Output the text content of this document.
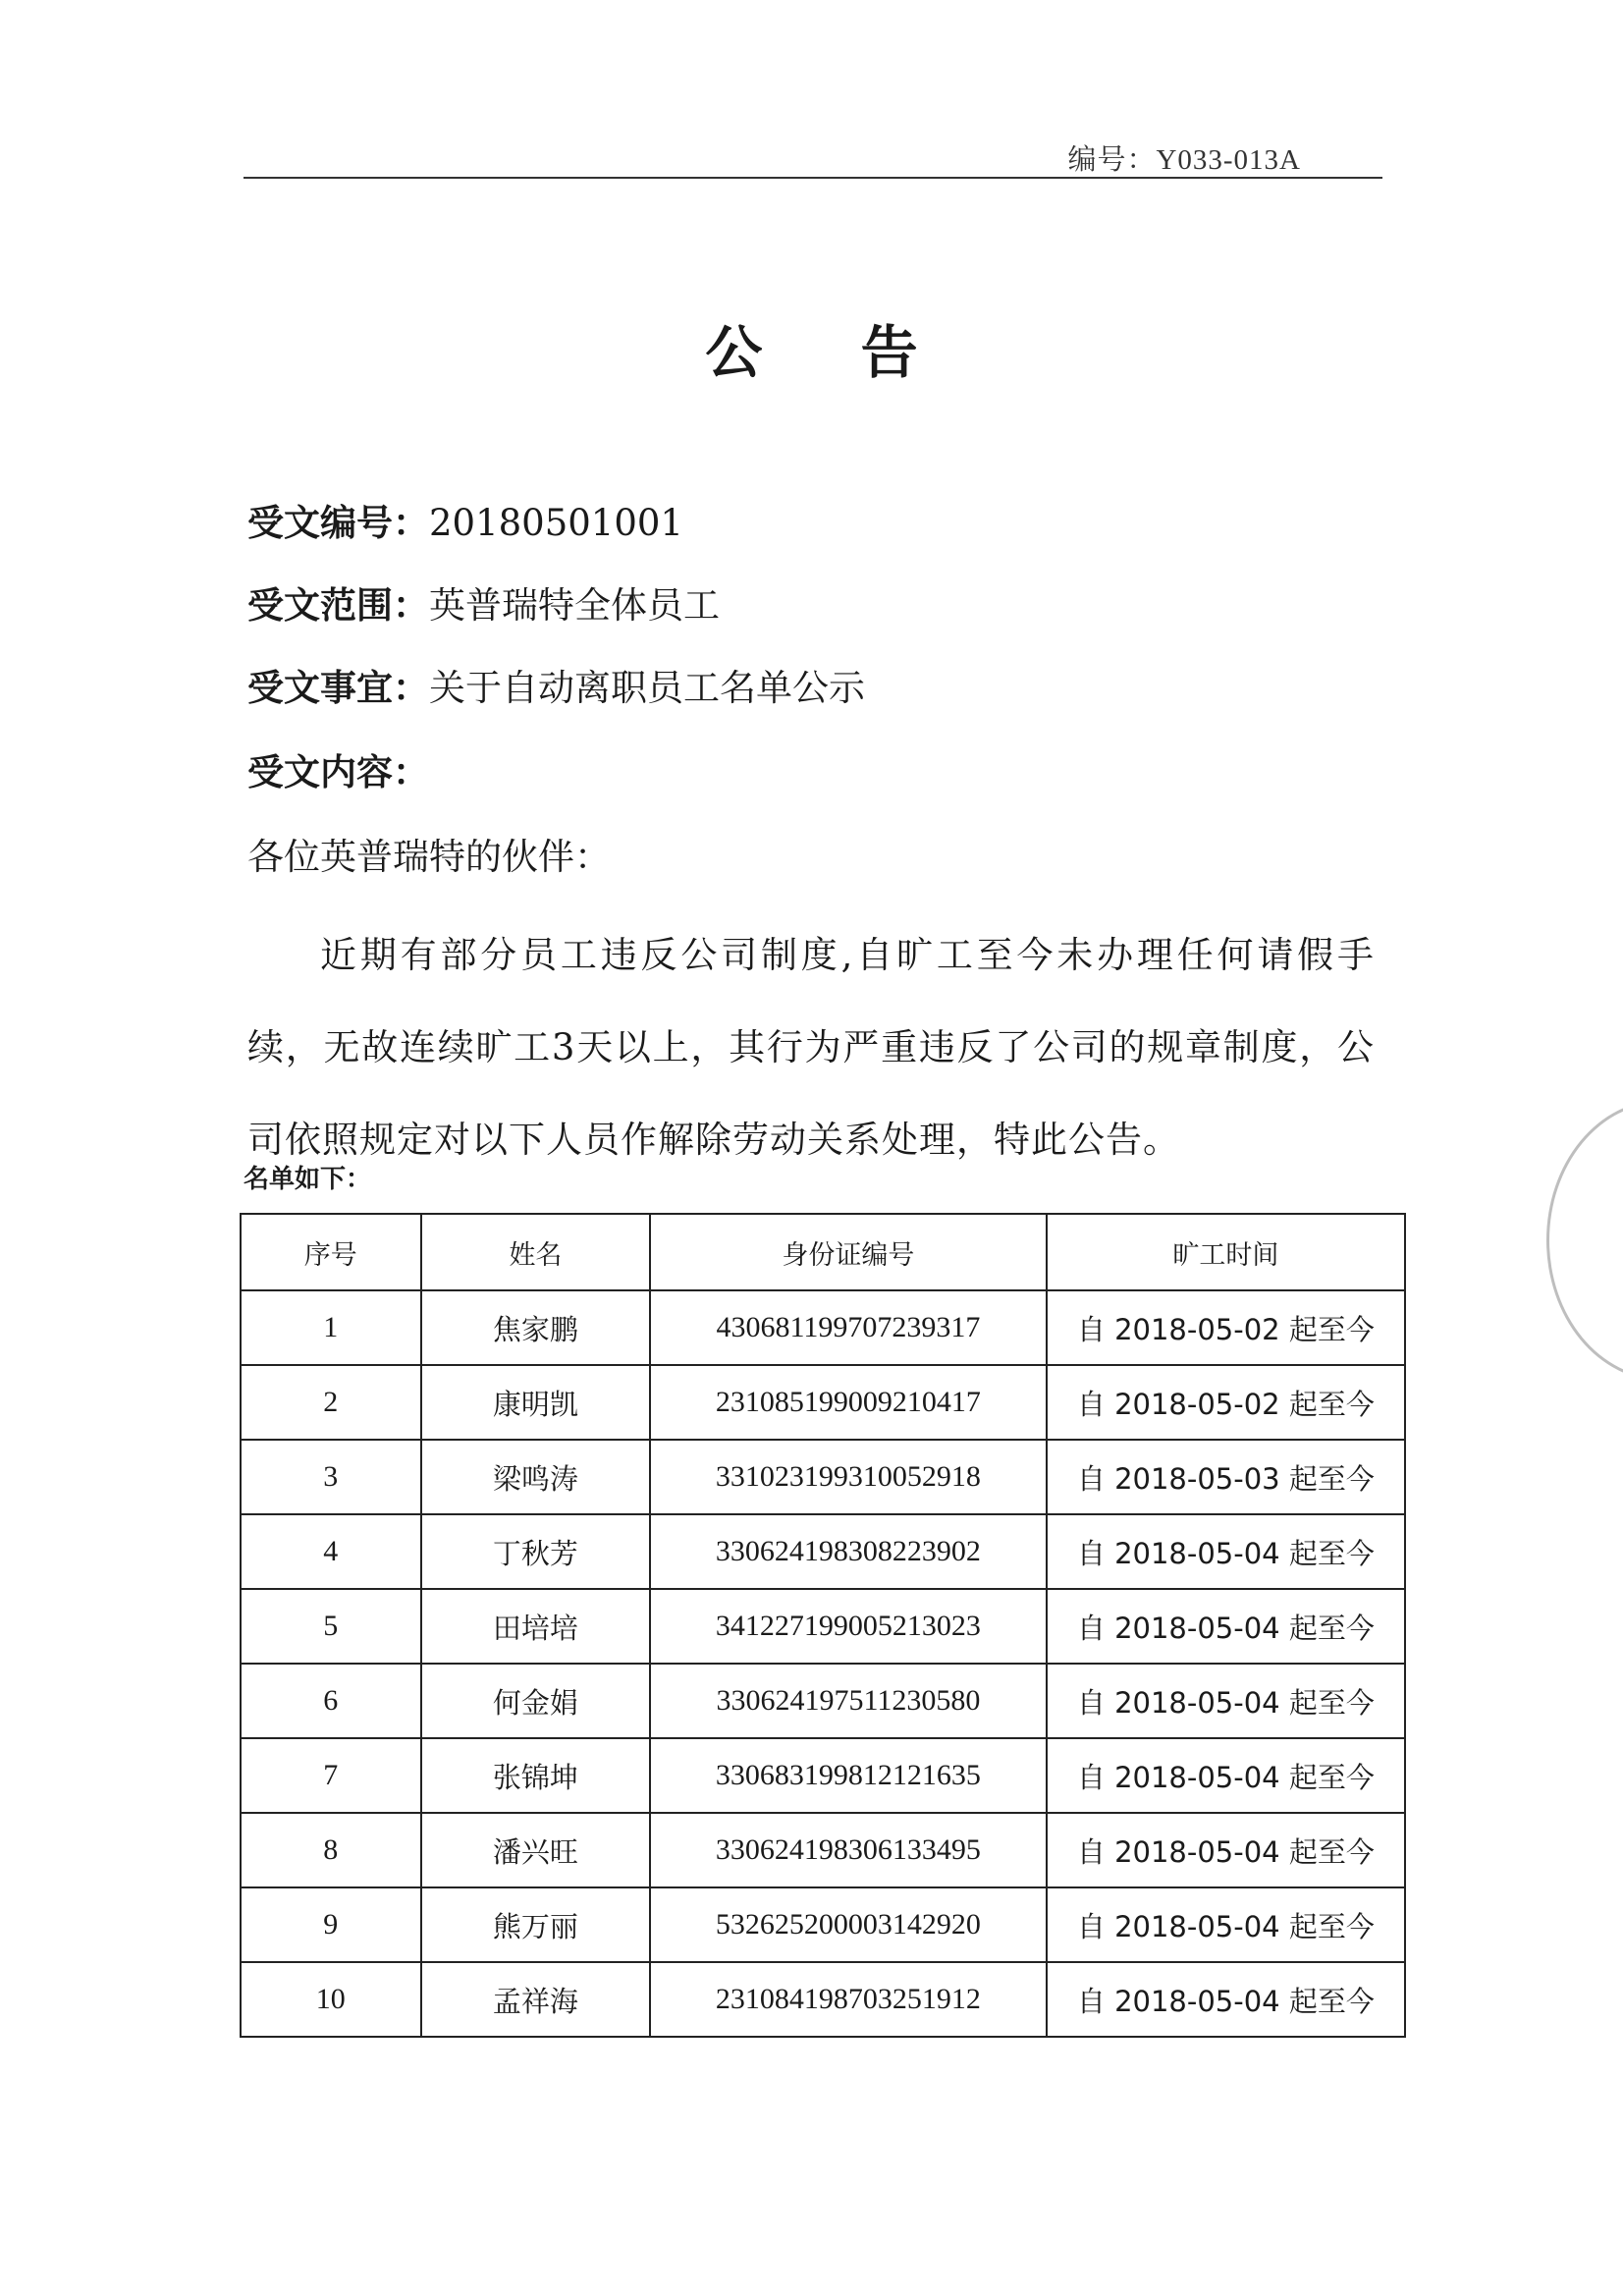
编号：Y033-013A
公 告
受文编号：20180501001
受文范围：英普瑞特全体员工
受文事宜：关于自动离职员工名单公示
受文内容：
各位英普瑞特的伙伴：
近期有部分员工违反公司制度,自旷工至今未办理任何请假手续，无故连续旷工3天以上，其行为严重违反了公司的规章制度，公司依照规定对以下人员作解除劳动关系处理，特此公告。
名单如下：
序号	姓名	身份证编号	旷工时间
1	焦家鹏	430681199707239317	自 2018-05-02 起至今
2	康明凯	231085199009210417	自 2018-05-02 起至今
3	梁鸣涛	331023199310052918	自 2018-05-03 起至今
4	丁秋芳	330624198308223902	自 2018-05-04 起至今
5	田培培	341227199005213023	自 2018-05-04 起至今
6	何金娟	330624197511230580	自 2018-05-04 起至今
7	张锦坤	330683199812121635	自 2018-05-04 起至今
8	潘兴旺	330624198306133495	自 2018-05-04 起至今
9	熊万丽	532625200003142920	自 2018-05-04 起至今
10	孟祥海	231084198703251912	自 2018-05-04 起至今
